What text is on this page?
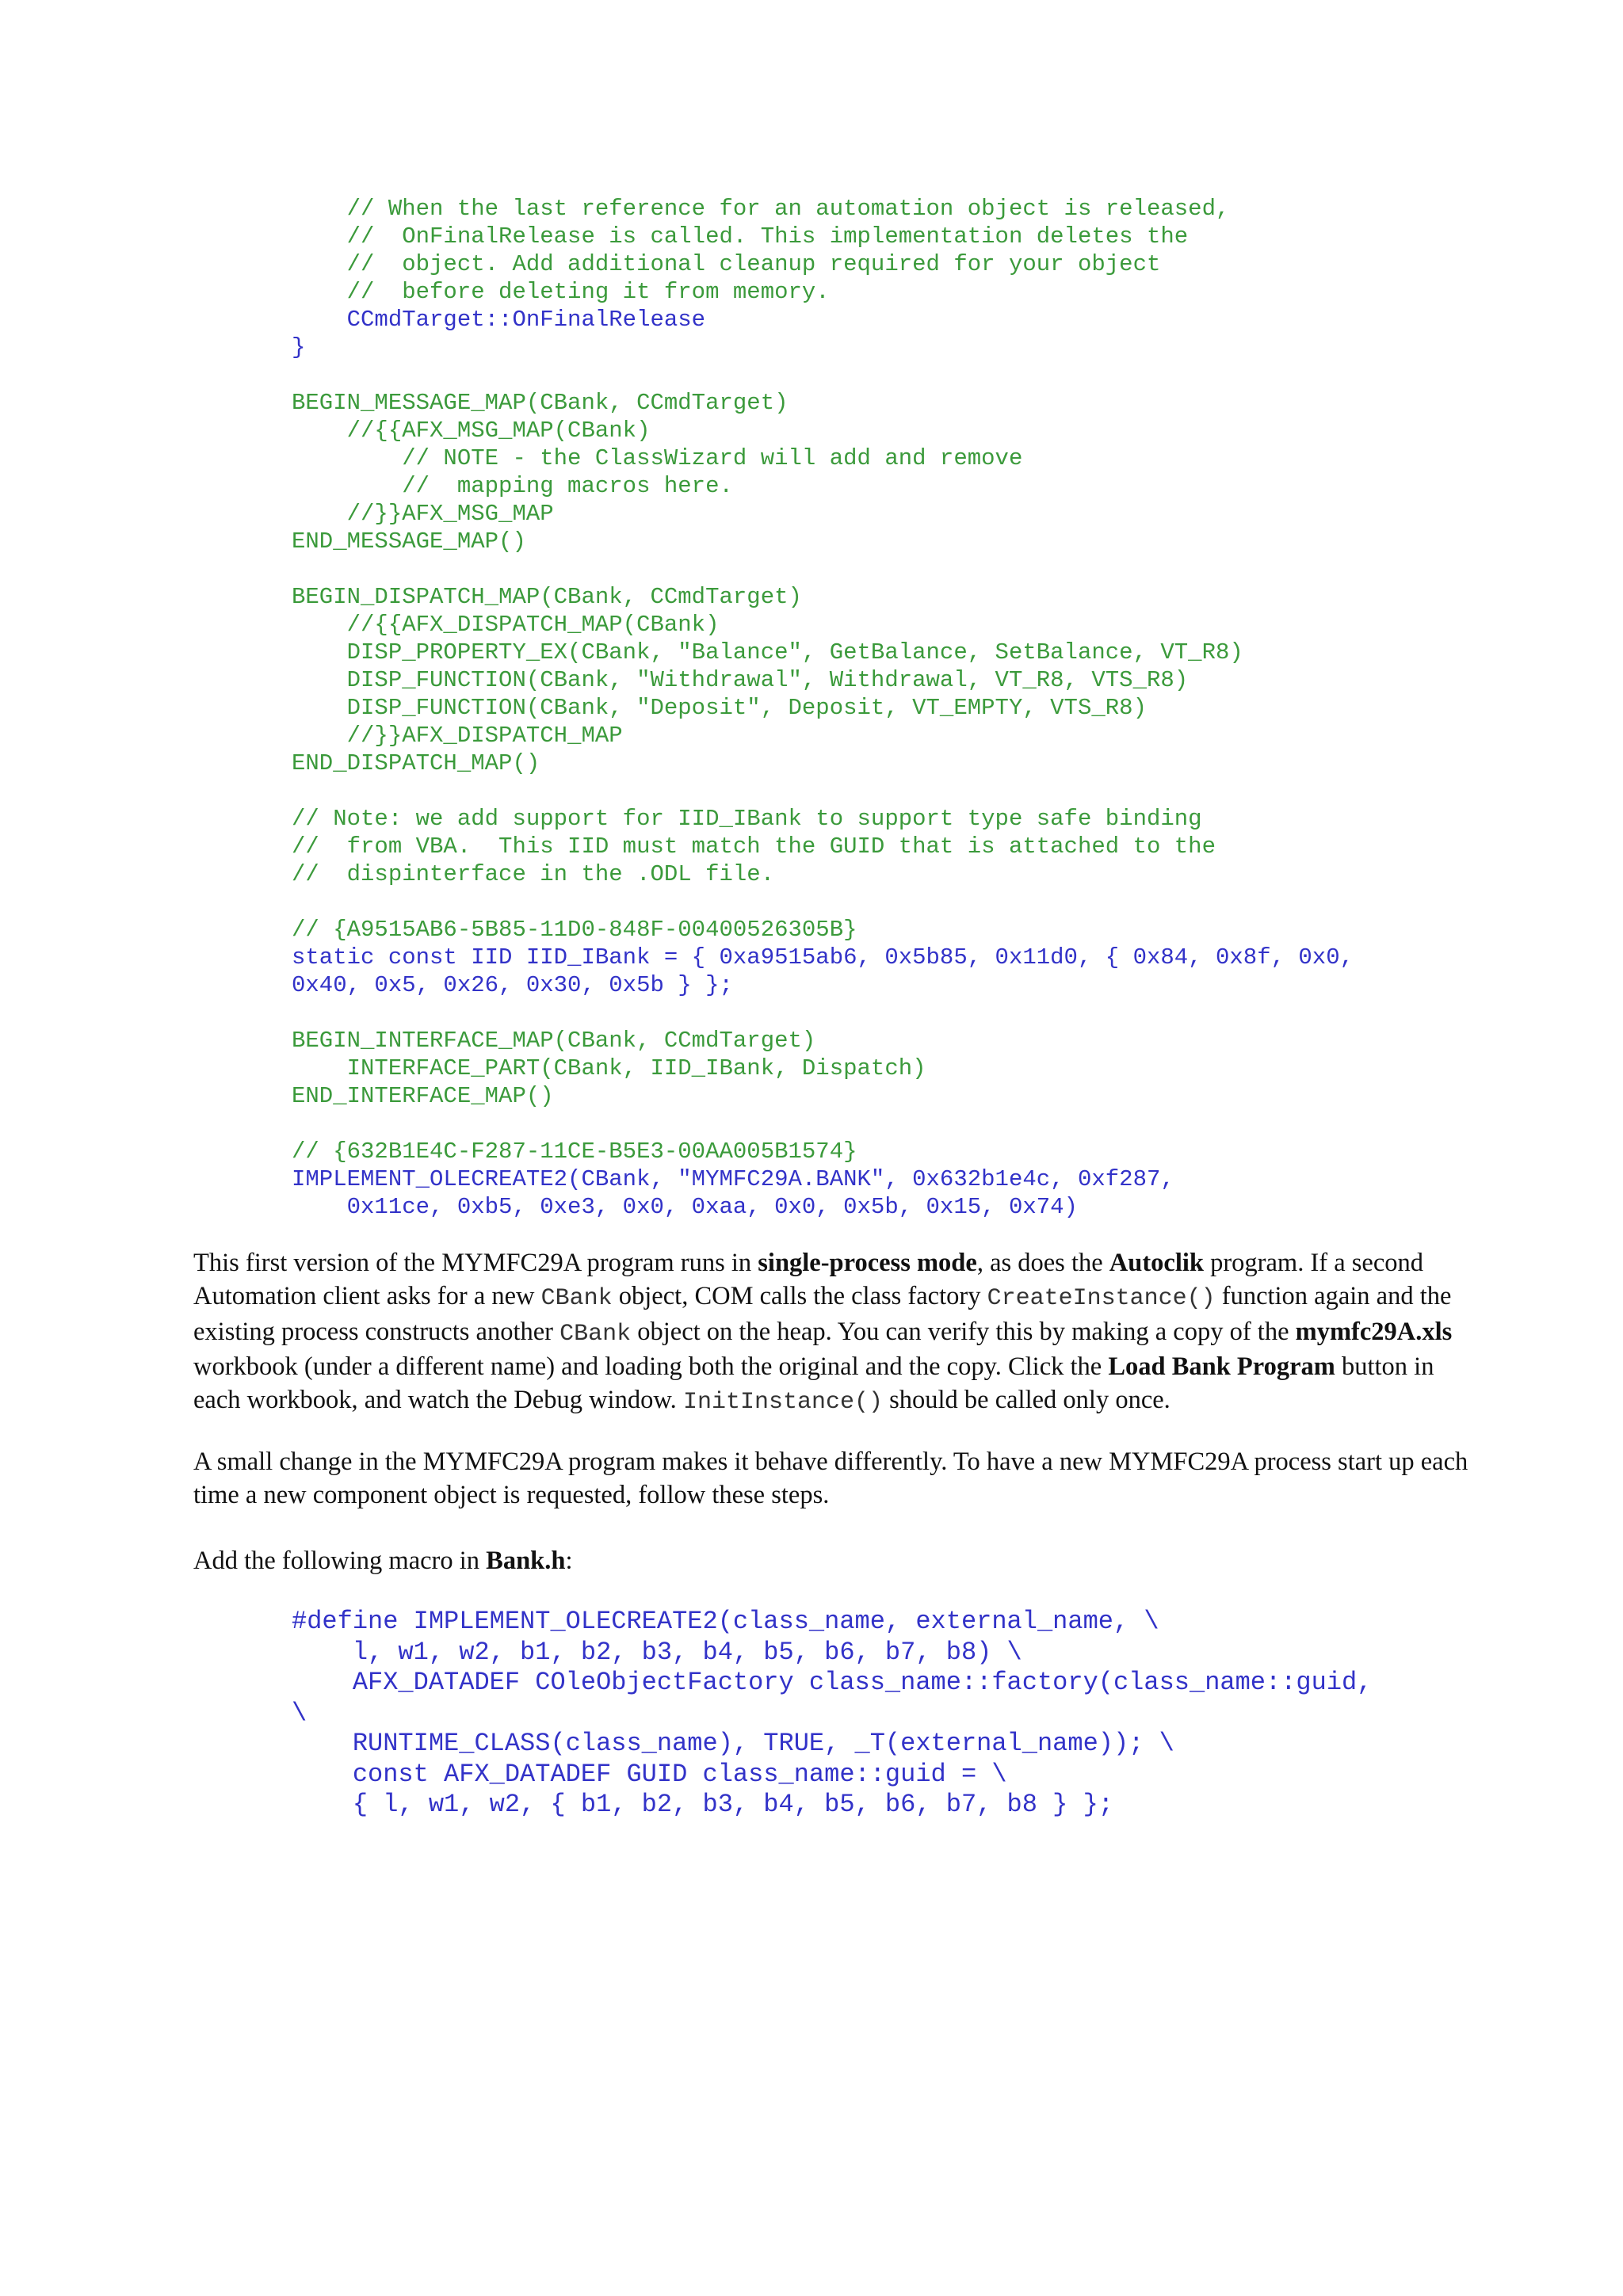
// When the last reference for an automation object is released,
//  OnFinalRelease is called. This implementation deletes the
//  object. Add additional cleanup required for your object
//  before deleting it from memory.
CCmdTarget::OnFinalRelease
}
BEGIN_MESSAGE_MAP(CBank, CCmdTarget)
//{{AFX_MSG_MAP(CBank)
// NOTE - the ClassWizard will add and remove
//  mapping macros here.
//}}AFX_MSG_MAP
END_MESSAGE_MAP()
BEGIN_DISPATCH_MAP(CBank, CCmdTarget)
//{{AFX_DISPATCH_MAP(CBank)
DISP_PROPERTY_EX(CBank, "Balance", GetBalance, SetBalance, VT_R8)
DISP_FUNCTION(CBank, "Withdrawal", Withdrawal, VT_R8, VTS_R8)
DISP_FUNCTION(CBank, "Deposit", Deposit, VT_EMPTY, VTS_R8)
//}}AFX_DISPATCH_MAP
END_DISPATCH_MAP()
// Note: we add support for IID_IBank to support type safe binding
//  from VBA.  This IID must match the GUID that is attached to the
//  dispinterface in the .ODL file.
// {A9515AB6-5B85-11D0-848F-00400526305B}
static const IID IID_IBank = { 0xa9515ab6, 0x5b85, 0x11d0, { 0x84, 0x8f, 0x0,
0x40, 0x5, 0x26, 0x30, 0x5b } };
BEGIN_INTERFACE_MAP(CBank, CCmdTarget)
INTERFACE_PART(CBank, IID_IBank, Dispatch)
END_INTERFACE_MAP()
// {632B1E4C-F287-11CE-B5E3-00AA005B1574}
IMPLEMENT_OLECREATE2(CBank, "MYMFC29A.BANK", 0x632b1e4c, 0xf287,
0x11ce, 0xb5, 0xe3, 0x0, 0xaa, 0x0, 0x5b, 0x15, 0x74)

This first version of the MYMFC29A program runs in single-process mode, as does the Autoclik program. If a second Automation client asks for a new CBank object, COM calls the class factory CreateInstance() function again and the existing process constructs another CBank object on the heap. You can verify this by making a copy of the mymfc29A.xls workbook (under a different name) and loading both the original and the copy. Click the Load Bank Program button in each workbook, and watch the Debug window. InitInstance() should be called only once.

A small change in the MYMFC29A program makes it behave differently. To have a new MYMFC29A process start up each time a new component object is requested, follow these steps.

Add the following macro in Bank.h:

#define IMPLEMENT_OLECREATE2(class_name, external_name, \
l, w1, w2, b1, b2, b3, b4, b5, b6, b7, b8) \
AFX_DATADEF COleObjectFactory class_name::factory(class_name::guid,
\
RUNTIME_CLASS(class_name), TRUE, _T(external_name)); \
const AFX_DATADEF GUID class_name::guid = \
{ l, w1, w2, { b1, b2, b3, b4, b5, b6, b7, b8 } };
